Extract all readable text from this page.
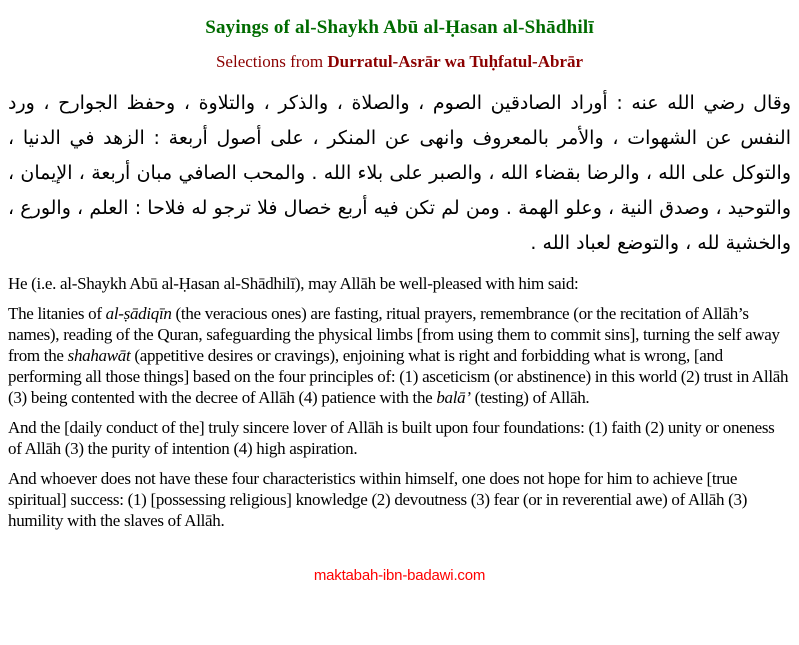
Sayings of al-Shaykh Abū al-Ḥasan al-Shādhilī
Selections from Durratul-Asrār wa Tuḥfatul-Abrār
وقال رضي الله عنه : أوراد الصادقين الصوم ، والصلاة ، والذكر ، والتلاوة ، وحفظ الجوارح ، ورد النفس عن الشهوات ، والأمر بالمعروف وانهى عن المنكر ، على أصول أربعة : الزهد في الدنيا ، والتوكل على الله ، والرضا بقضاء الله ، والصبر على بلاء الله . والمحب الصافي مبان أربعة ، الإيمان ، والتوحيد ، وصدق النية ، وعلو الهمة . ومن لم تكن فيه أربع خصال فلا ترجو له فلاحا : العلم ، والورع ، والخشية لله ، والتوضع لعباد الله .

He (i.e. al-Shaykh Abū al-Ḥasan al-Shādhilī), may Allāh be well-pleased with him said:

The litanies of al-ṣādiqīn (the veracious ones) are fasting, ritual prayers, remembrance (or the recitation of Allāh’s names), reading of the Quran, safeguarding the physical limbs [from using them to commit sins], turning the self away from the shahawāt (appetitive desires or cravings), enjoining what is right and forbidding what is wrong, [and performing all those things] based on the four principles of: (1) asceticism (or abstinence) in this world (2) trust in Allāh (3) being contented with the decree of Allāh (4) patience with the balā’ (testing) of Allāh.

And the [daily conduct of the] truly sincere lover of Allāh is built upon four foundations: (1) faith (2) unity or oneness of Allāh (3) the purity of intention (4) high aspiration.

And whoever does not have these four characteristics within himself, one does not hope for him to achieve [true spiritual] success: (1) [possessing religious] knowledge (2) devoutness (3) fear (or in reverential awe) of Allāh (3) humility with the slaves of Allāh.

maktabah-ibn-badawi.com
